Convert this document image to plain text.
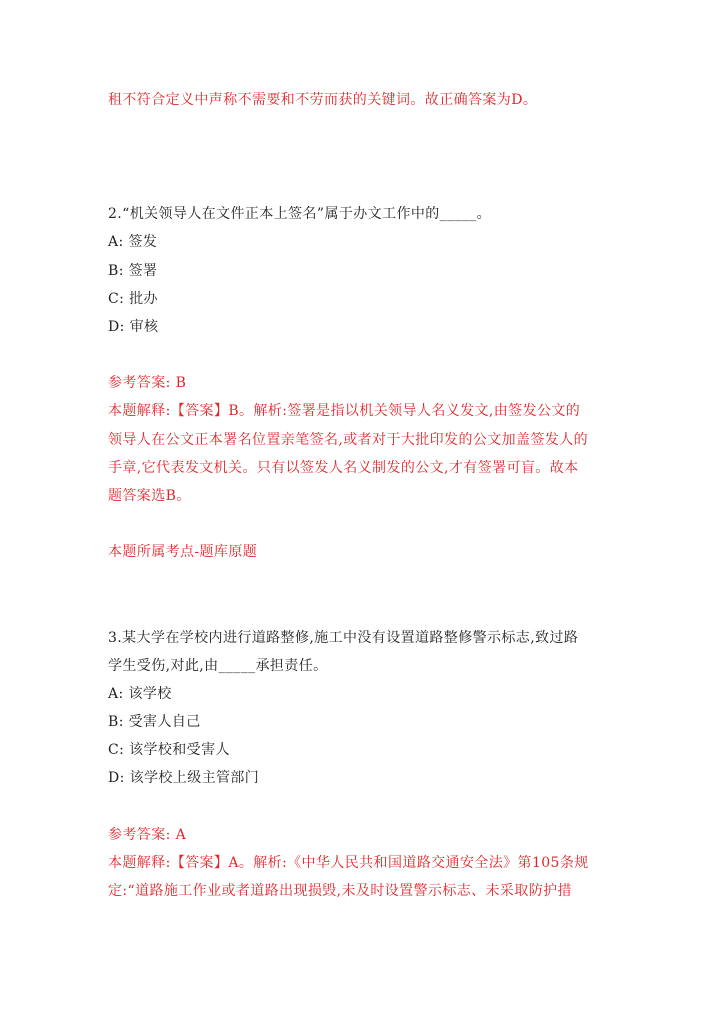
租不符合定义中声称不需要和不劳而获的关键词。故正确答案为D。
2.“机关领导人在文件正本上签名”属于办文工作中的_____。
A: 签发
B: 签署
C: 批办
D: 审核
参考答案: B
本题解释:【答案】B。解析:签署是指以机关领导人名义发文,由签发公文的
领导人在公文正本署名位置亲笔签名,或者对于大批印发的公文加盖签发人的
手章,它代表发文机关。只有以签发人名义制发的公文,才有签署可盲。故本
题答案选B。
本题所属考点-题库原题
3.某大学在学校内进行道路整修,施工中没有设置道路整修警示标志,致过路
学生受伤,对此,由_____承担责任。
A: 该学校
B: 受害人自己
C: 该学校和受害人
D: 该学校上级主管部门
参考答案: A
本题解释:【答案】A。解析:《中华人民共和国道路交通安全法》第105条规
定:“道路施工作业或者道路出现损毁,未及时设置警示标志、未采取防护措
